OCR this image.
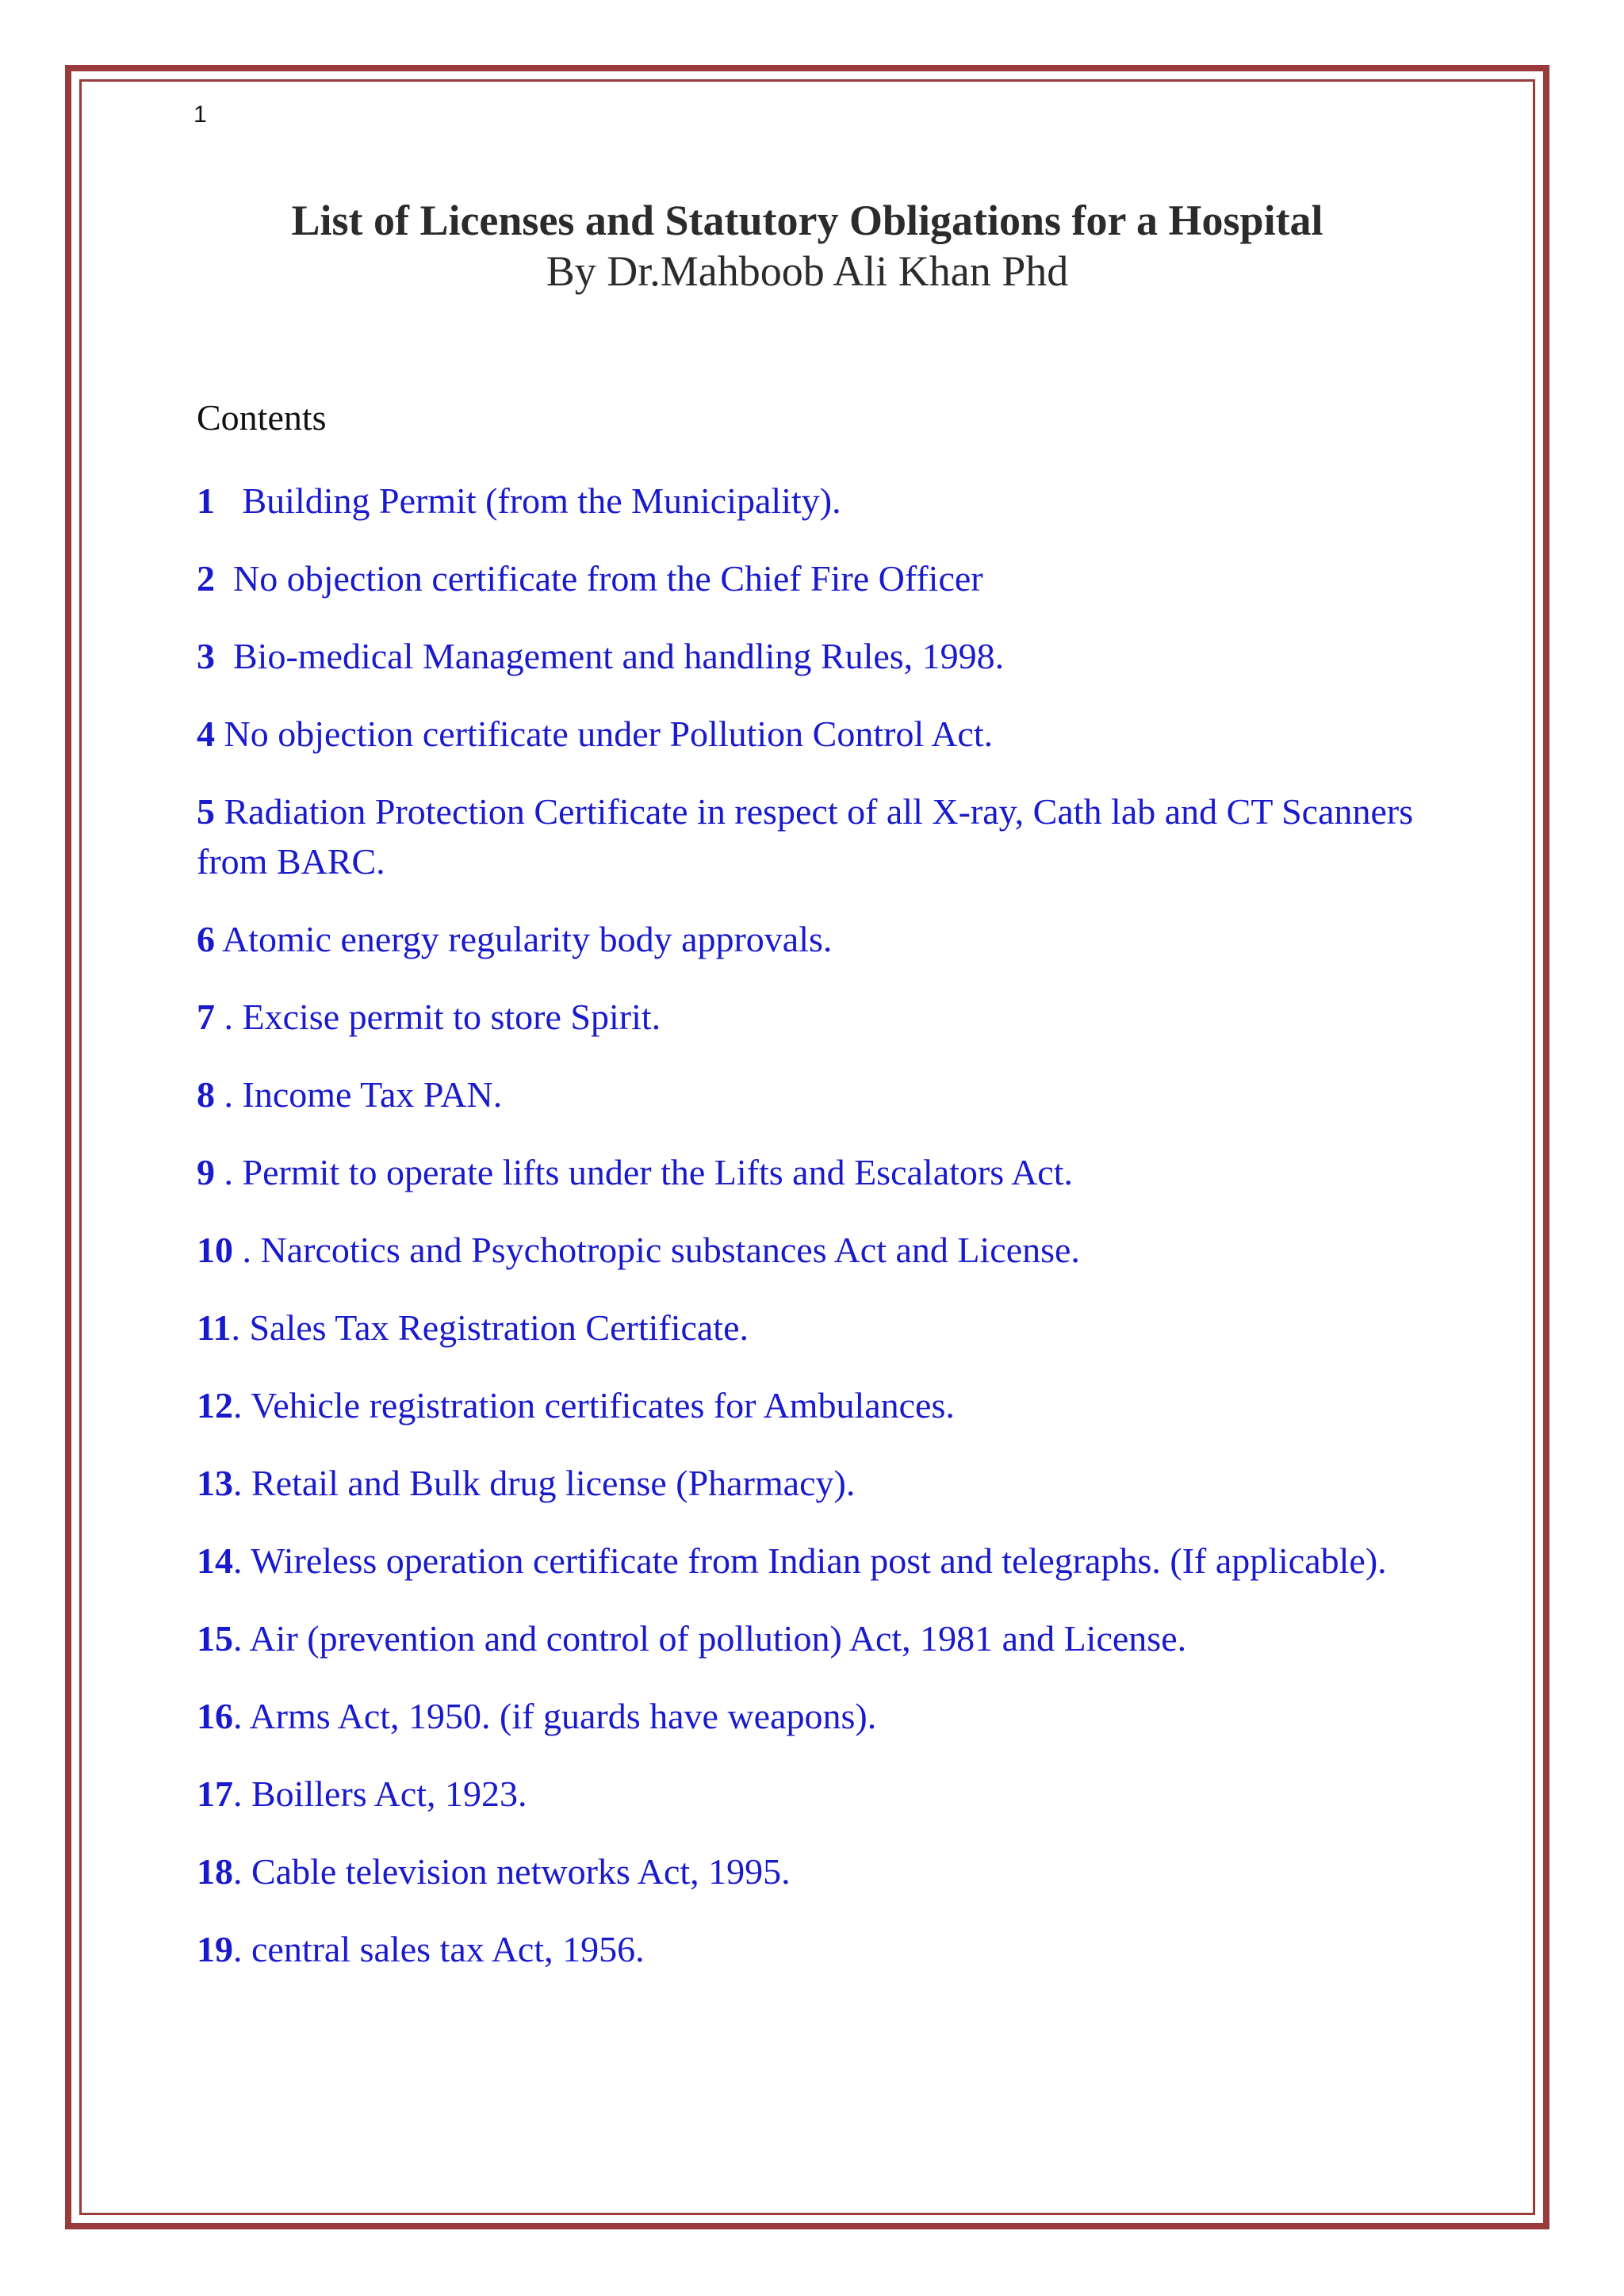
1
List of Licenses and Statutory Obligations for a Hospital
By Dr.Mahboob Ali Khan Phd
Contents
1   Building Permit (from the Municipality).
2  No objection certificate from the Chief Fire Officer
3  Bio-medical Management and handling Rules, 1998.
4 No objection certificate under Pollution Control Act.
5 Radiation Protection Certificate in respect of all X-ray, Cath lab and CT Scanners from BARC.
6 Atomic energy regularity body approvals.
7 . Excise permit to store Spirit.
8 . Income Tax PAN.
9 . Permit to operate lifts under the Lifts and Escalators Act.
10 . Narcotics and Psychotropic substances Act and License.
11. Sales Tax Registration Certificate.
12. Vehicle registration certificates for Ambulances.
13. Retail and Bulk drug license (Pharmacy).
14. Wireless operation certificate from Indian post and telegraphs. (If applicable).
15. Air (prevention and control of pollution) Act, 1981 and License.
16. Arms Act, 1950. (if guards have weapons).
17. Boillers Act, 1923.
18. Cable television networks Act, 1995.
19. central sales tax Act, 1956.
